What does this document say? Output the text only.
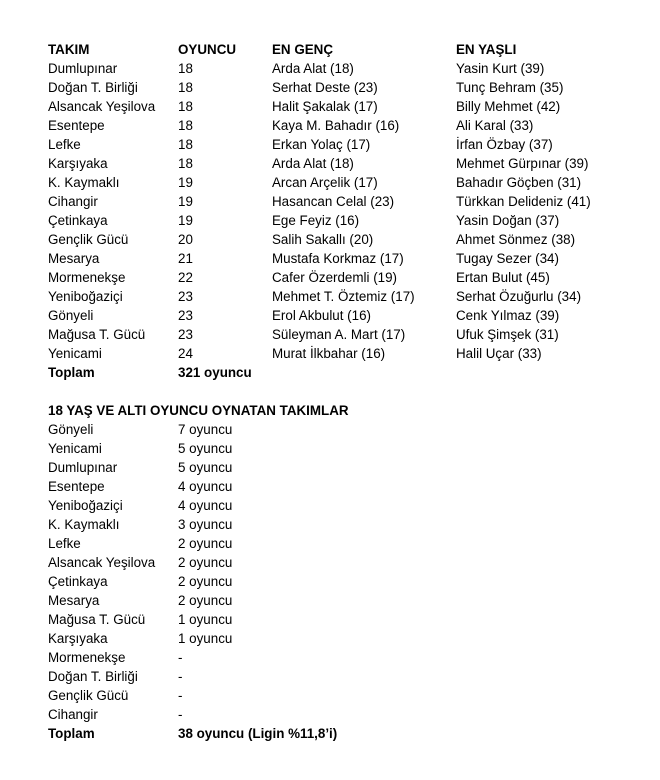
TAKIM	OYUNCU	EN GENÇ	EN YAŞLI
Dumlupınar	18	Arda Alat (18)	Yasin Kurt (39)
Doğan T. Birliği	18	Serhat Deste (23)	Tunç Behram (35)
Alsancak Yeşilova	18	Halit Şakalak (17)	Billy Mehmet (42)
Esentepe	18	Kaya M. Bahadır (16)	Ali Karal (33)
Lefke	18	Erkan Yolaç (17)	İrfan Özbay (37)
Karşıyaka	18	Arda Alat (18)	Mehmet Gürpınar (39)
K. Kaymaklı	19	Arcan Arçelik (17)	Bahadır Göçben (31)
Cihangir	19	Hasancan Celal (23)	Türkkan Delideniz (41)
Çetinkaya	19	Ege Feyiz (16)	Yasin Doğan (37)
Gençlik Gücü	20	Salih Sakallı (20)	Ahmet Sönmez (38)
Mesarya	21	Mustafa Korkmaz (17)	Tugay Sezer (34)
Mormenekşe	22	Cafer Özerdemli (19)	Ertan Bulut (45)
Yeniboğaziçi	23	Mehmet T. Öztemiz (17)	Serhat Özuğurlu (34)
Gönyeli	23	Erol Akbulut (16)	Cenk Yılmaz (39)
Mağusa T. Gücü	23	Süleyman A. Mart (17)	Ufuk Şimşek (31)
Yenicami	24	Murat İlkbahar (16)	Halil Uçar (33)
Toplam	321 oyuncu
18 YAŞ VE ALTI OYUNCU OYNATAN TAKIMLAR
Gönyeli	7 oyuncu
Yenicami	5 oyuncu
Dumlupınar	5 oyuncu
Esentepe	4 oyuncu
Yeniboğaziçi	4 oyuncu
K. Kaymaklı	3 oyuncu
Lefke	2 oyuncu
Alsancak Yeşilova	2 oyuncu
Çetinkaya	2 oyuncu
Mesarya	2 oyuncu
Mağusa T. Gücü	1 oyuncu
Karşıyaka	1 oyuncu
Mormenekşe	-
Doğan T. Birliği	-
Gençlik Gücü	-
Cihangir	-
Toplam	38 oyuncu (Ligin %11,8’i)
